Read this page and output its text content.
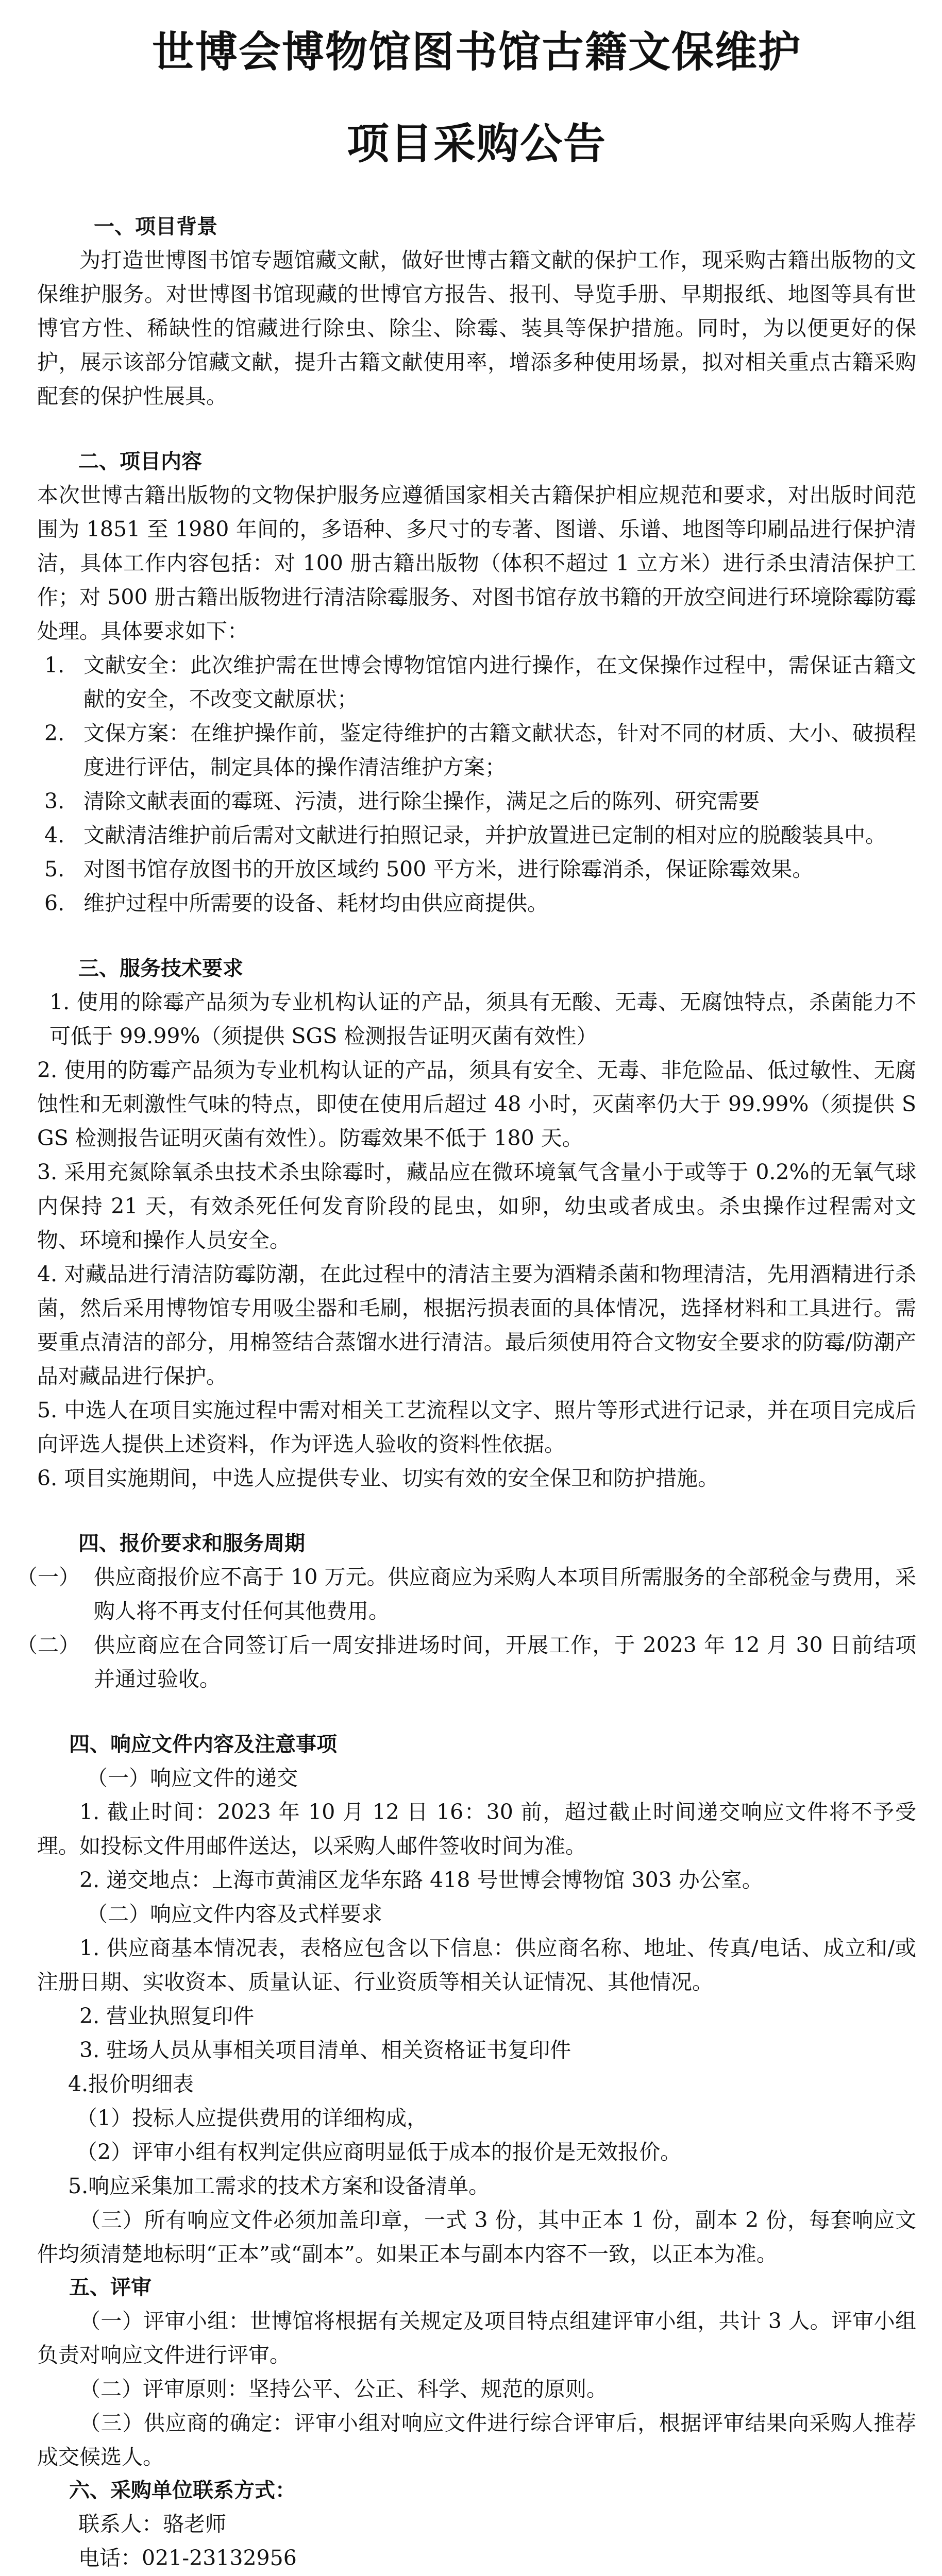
世博会博物馆图书馆古籍文保维护
项目采购公告

一、项目背景

为打造世博图书馆专题馆藏文献，做好世博古籍文献的保护工作，现采购古籍出版物的文保维护服务。对世博图书馆现藏的世博官方报告、报刊、导览手册、早期报纸、地图等具有世博官方性、稀缺性的馆藏进行除虫、除尘、除霉、装具等保护措施。同时，为以便更好的保护，展示该部分馆藏文献，提升古籍文献使用率，增添多种使用场景，拟对相关重点古籍采购配套的保护性展具。

二、项目内容

本次世博古籍出版物的文物保护服务应遵循国家相关古籍保护相应规范和要求，对出版时间范围为 1851 至 1980 年间的，多语种、多尺寸的专著、图谱、乐谱、地图等印刷品进行保护清洁，具体工作内容包括：对 100 册古籍出版物（体积不超过 1 立方米）进行杀虫清洁保护工作；对 500 册古籍出版物进行清洁除霉服务、对图书馆存放书籍的开放空间进行环境除霉防霉处理。具体要求如下：

1. 文献安全：此次维护需在世博会博物馆馆内进行操作，在文保操作过程中，需保证古籍文献的安全，不改变文献原状；
2. 文保方案：在维护操作前，鉴定待维护的古籍文献状态，针对不同的材质、大小、破损程度进行评估，制定具体的操作清洁维护方案；
3. 清除文献表面的霉斑、污渍，进行除尘操作，满足之后的陈列、研究需要
4. 文献清洁维护前后需对文献进行拍照记录，并护放置进已定制的相对应的脱酸装具中。
5. 对图书馆存放图书的开放区域约 500 平方米，进行除霉消杀，保证除霉效果。
6. 维护过程中所需要的设备、耗材均由供应商提供。

三、服务技术要求

1. 使用的除霉产品须为专业机构认证的产品，须具有无酸、无毒、无腐蚀特点，杀菌能力不可低于 99.99%（须提供 SGS 检测报告证明灭菌有效性）

2. 使用的防霉产品须为专业机构认证的产品，须具有安全、无毒、非危险品、低过敏性、无腐蚀性和无刺激性气味的特点，即使在使用后超过 48 小时，灭菌率仍大于 99.99%（须提供 SGS 检测报告证明灭菌有效性）。防霉效果不低于 180 天。

3. 采用充氮除氧杀虫技术杀虫除霉时，藏品应在微环境氧气含量小于或等于 0.2%的无氧气球内保持 21 天，有效杀死任何发育阶段的昆虫，如卵，幼虫或者成虫。杀虫操作过程需对文物、环境和操作人员安全。

4. 对藏品进行清洁防霉防潮，在此过程中的清洁主要为酒精杀菌和物理清洁，先用酒精进行杀菌，然后采用博物馆专用吸尘器和毛刷，根据污损表面的具体情况，选择材料和工具进行。需要重点清洁的部分，用棉签结合蒸馏水进行清洁。最后须使用符合文物安全要求的防霉/防潮产品对藏品进行保护。

5. 中选人在项目实施过程中需对相关工艺流程以文字、照片等形式进行记录，并在项目完成后向评选人提供上述资料，作为评选人验收的资料性依据。

6. 项目实施期间，中选人应提供专业、切实有效的安全保卫和防护措施。

四、报价要求和服务周期

（一） 供应商报价应不高于 10 万元。供应商应为采购人本项目所需服务的全部税金与费用，采购人将不再支付任何其他费用。
（二） 供应商应在合同签订后一周安排进场时间，开展工作，于 2023 年 12 月 30 日前结项并通过验收。

四、响应文件内容及注意事项

（一）响应文件的递交

1. 截止时间：2023 年 10 月 12 日 16：30 前，超过截止时间递交响应文件将不予受理。如投标文件用邮件送达，以采购人邮件签收时间为准。

2. 递交地点：上海市黄浦区龙华东路 418 号世博会博物馆 303 办公室。

（二）响应文件内容及式样要求

1. 供应商基本情况表，表格应包含以下信息：供应商名称、地址、传真/电话、成立和/或注册日期、实收资本、质量认证、行业资质等相关认证情况、其他情况。

2. 营业执照复印件

3. 驻场人员从事相关项目清单、相关资格证书复印件

4.报价明细表

（1）投标人应提供费用的详细构成，

（2）评审小组有权判定供应商明显低于成本的报价是无效报价。

5.响应采集加工需求的技术方案和设备清单。

（三）所有响应文件必须加盖印章，一式 3 份，其中正本 1 份，副本 2 份，每套响应文件均须清楚地标明“正本”或“副本”。如果正本与副本内容不一致，以正本为准。

五、评审

（一）评审小组：世博馆将根据有关规定及项目特点组建评审小组，共计 3 人。评审小组负责对响应文件进行评审。

（二）评审原则：坚持公平、公正、科学、规范的原则。

（三）供应商的确定：评审小组对响应文件进行综合评审后，根据评审结果向采购人推荐成交候选人。

六、采购单位联系方式：

联系人：骆老师

电话：021-23132956
